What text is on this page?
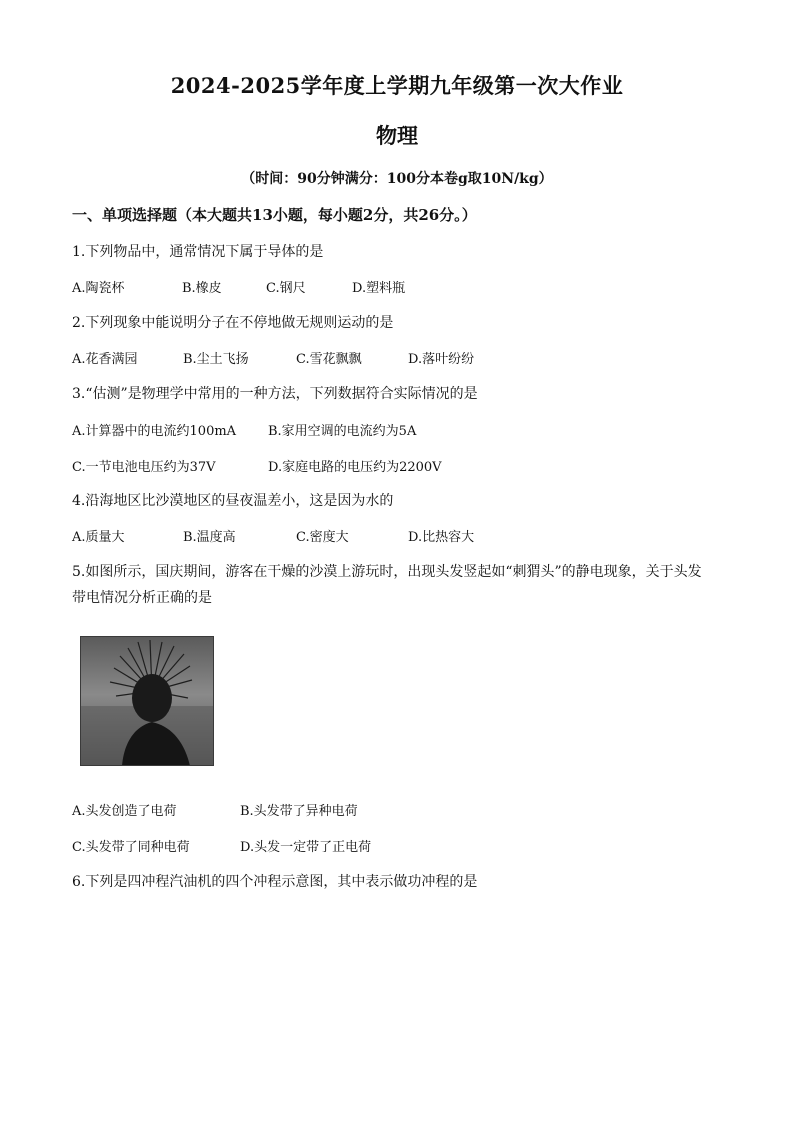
2024-2025学年度上学期九年级第一次大作业
物理
（时间：90分钟满分：100分本卷g取10N/kg）
一、单项选择题（本大题共13小题，每小题2分，共26分。）
1.下列物品中，通常情况下属于导体的是
A.陶瓷杯	B.橡皮	C.钢尺	D.塑料瓶
2.下列现象中能说明分子在不停地做无规则运动的是
A.花香满园	B.尘土飞扬	C.雪花飘飘	D.落叶纷纷
3.“估测”是物理学中常用的一种方法，下列数据符合实际情况的是
A.计算器中的电流约100mA B.家用空调的电流约为5A
C.一节电池电压约为37V	D.家庭电路的电压约为2200V
4.沿海地区比沙漠地区的昼夜温差小，这是因为水的
A.质量大	B.温度高	C.密度大	D.比热容大
5.如图所示，国庆期间，游客在干燥的沙漠上游玩时，出现头发竖起如“刺猬头”的静电现象，关于头发
带电情况分析正确的是
A.头发创造了电荷	B.头发带了异种电荷
C.头发带了同种电荷	D.头发一定带了正电荷
6.下列是四冲程汽油机的四个冲程示意图，其中表示做功冲程的是
